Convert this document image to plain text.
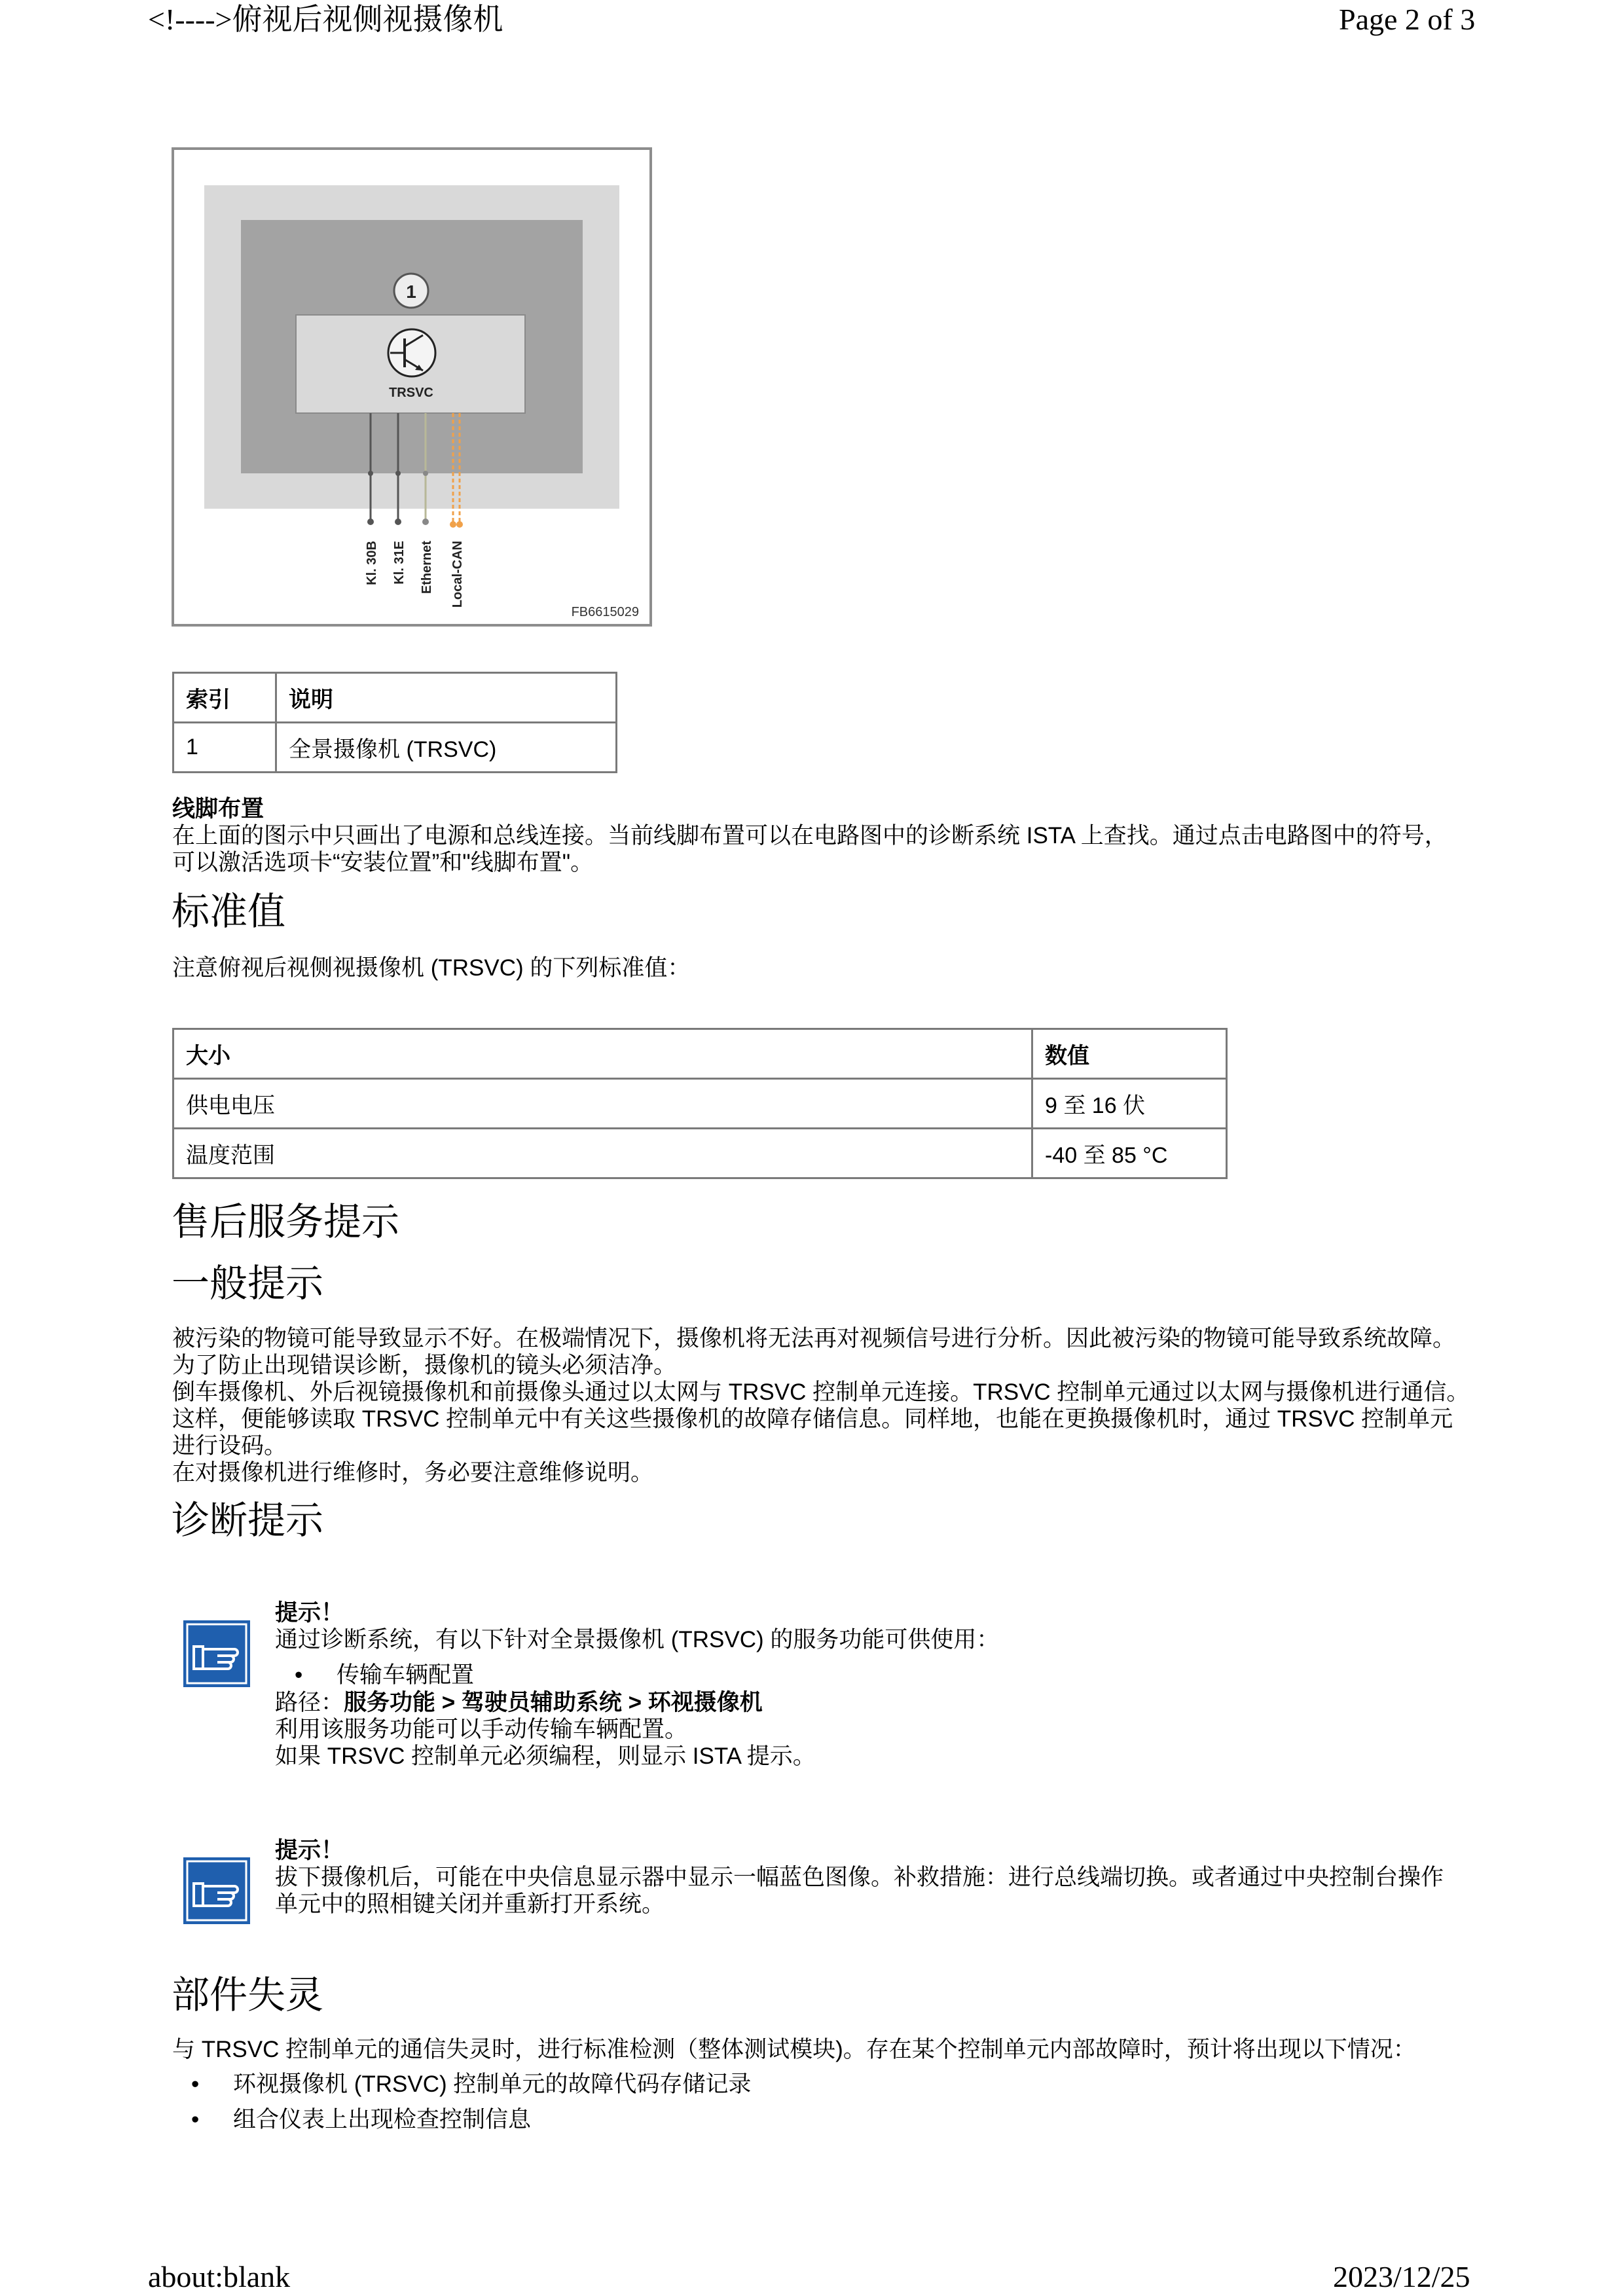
<!---->俯视后视侧视摄像机	Page 2 of 3
1
TRSVC
Kl. 30B Kl. 31E Ethernet Local-CAN
FB6615029
索引	说明
1	全景摄像机 (TRSVC)
线脚布置
在上面的图示中只画出了电源和总线连接。当前线脚布置可以在电路图中的诊断系统 ISTA 上查找。通过点击电路图中的符号，
可以激活选项卡“安装位置”和"线脚布置"。
标准值
注意俯视后视侧视摄像机 (TRSVC) 的下列标准值：
大小	数值
供电电压	9 至 16 伏
温度范围	-40 至 85 °C
售后服务提示
一般提示
被污染的物镜可能导致显示不好。在极端情况下，摄像机将无法再对视频信号进行分析。因此被污染的物镜可能导致系统故障。
为了防止出现错误诊断，摄像机的镜头必须洁净。
倒车摄像机、外后视镜摄像机和前摄像头通过以太网与 TRSVC 控制单元连接。TRSVC 控制单元通过以太网与摄像机进行通信。
这样，便能够读取 TRSVC 控制单元中有关这些摄像机的故障存储信息。同样地，也能在更换摄像机时，通过 TRSVC 控制单元
进行设码。
在对摄像机进行维修时，务必要注意维修说明。
诊断提示
提示！
通过诊断系统，有以下针对全景摄像机 (TRSVC) 的服务功能可供使用：
• 传输车辆配置
路径：服务功能 > 驾驶员辅助系统 > 环视摄像机
利用该服务功能可以手动传输车辆配置。
如果 TRSVC 控制单元必须编程，则显示 ISTA 提示。
提示！
拔下摄像机后，可能在中央信息显示器中显示一幅蓝色图像。补救措施：进行总线端切换。或者通过中央控制台操作
单元中的照相键关闭并重新打开系统。
部件失灵
与 TRSVC 控制单元的通信失灵时，进行标准检测（整体测试模块)。存在某个控制单元内部故障时，预计将出现以下情况：
• 环视摄像机 (TRSVC) 控制单元的故障代码存储记录
• 组合仪表上出现检查控制信息
about:blank	2023/12/25
